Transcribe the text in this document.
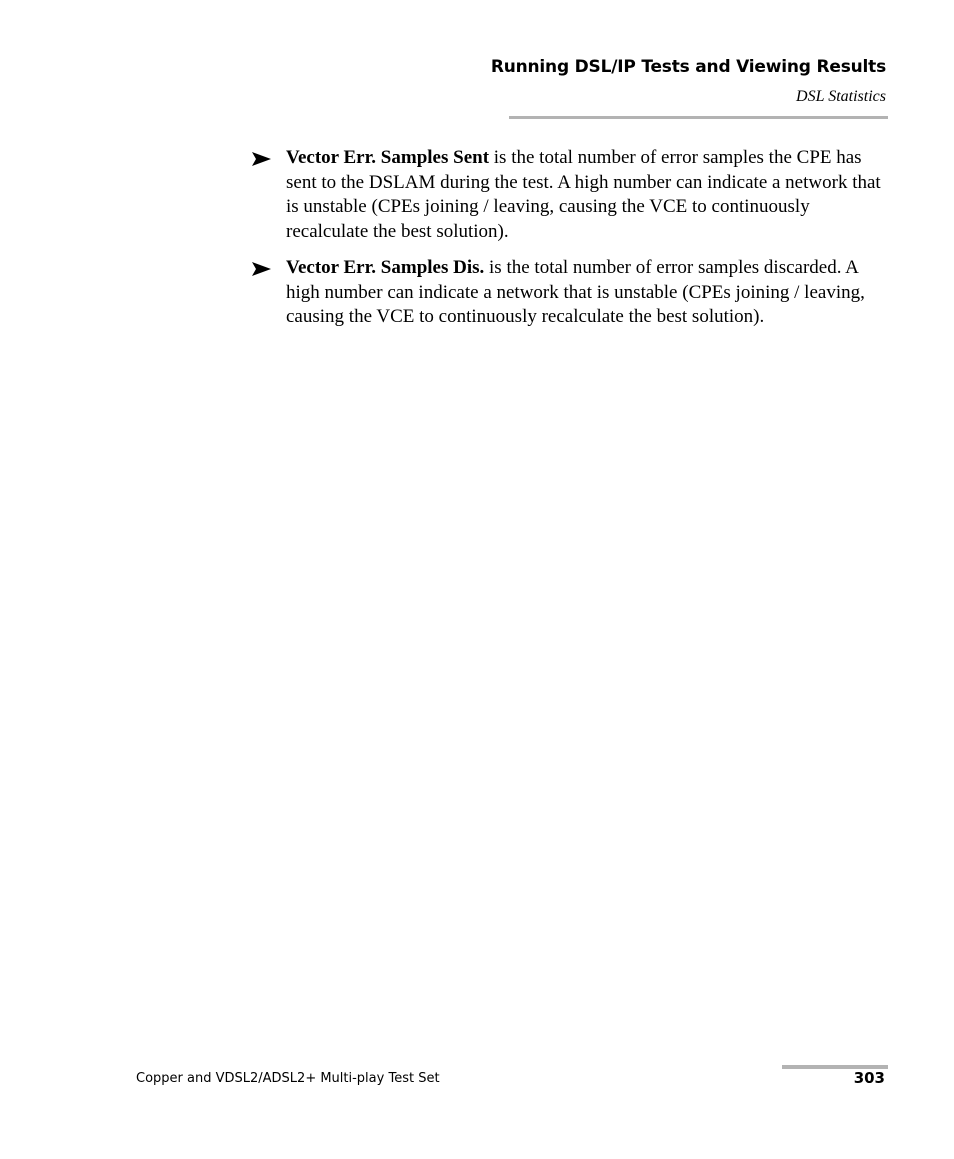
Running DSL/IP Tests and Viewing Results
DSL Statistics
Vector Err. Samples Sent is the total number of error samples the CPE has sent to the DSLAM during the test. A high number can indicate a network that is unstable (CPEs joining / leaving, causing the VCE to continuously recalculate the best solution).
Vector Err. Samples Dis. is the total number of error samples discarded. A high number can indicate a network that is unstable (CPEs joining / leaving, causing the VCE to continuously recalculate the best solution).
Copper and VDSL2/ADSL2+ Multi-play Test Set	303
